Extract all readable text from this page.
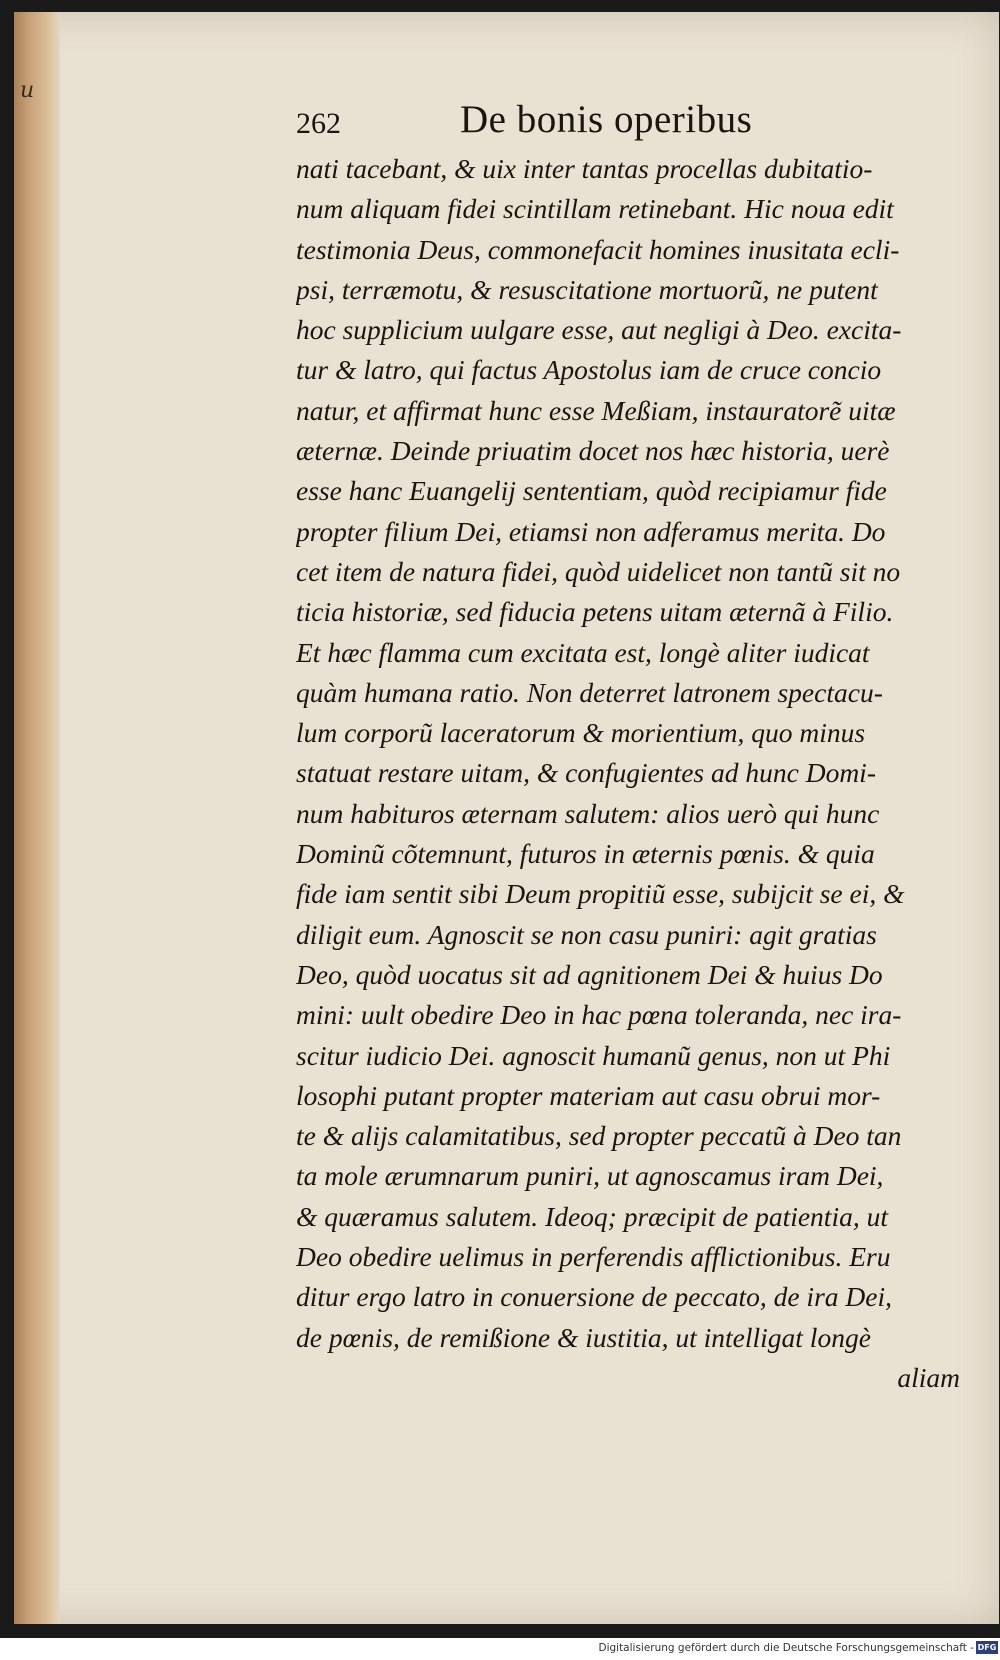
u
262	De bonis operibus
nati tacebant, & uix inter tantas procellas dubitatio-
num aliquam fidei scintillam retinebant. Hic noua edit
testimonia Deus, commonefacit homines inusitata ecli-
psi, terræmotu, & resuscitatione mortuorũ, ne putent
hoc supplicium uulgare esse, aut negligi à Deo. excita-
tur & latro, qui factus Apostolus iam de cruce concio
natur, et affirmat hunc esse Meßiam, instauratorẽ uitæ
æternæ. Deinde priuatim docet nos hæc historia, uerè
esse hanc Euangelij sententiam, quòd recipiamur fide
propter filium Dei, etiamsi non adferamus merita. Do
cet item de natura fidei, quòd uidelicet non tantũ sit no
ticia historiæ, sed fiducia petens uitam æternã à Filio.
Et hæc flamma cum excitata est, longè aliter iudicat
quàm humana ratio. Non deterret latronem spectacu-
lum corporũ laceratorum & morientium, quo minus
statuat restare uitam, & confugientes ad hunc Domi-
num habituros æternam salutem: alios uerò qui hunc
Dominũ cõtemnunt, futuros in æternis pœnis. & quia
fide iam sentit sibi Deum propitiũ esse, subijcit se ei, &
diligit eum. Agnoscit se non casu puniri: agit gratias
Deo, quòd uocatus sit ad agnitionem Dei & huius Do
mini: uult obedire Deo in hac pœna toleranda, nec ira-
scitur iudicio Dei. agnoscit humanũ genus, non ut Phi
losophi putant propter materiam aut casu obrui mor-
te & alijs calamitatibus, sed propter peccatũ à Deo tan
ta mole ærumnarum puniri, ut agnoscamus iram Dei,
& quæramus salutem. Ideoq; præcipit de patientia, ut
Deo obedire uelimus in perferendis afflictionibus. Eru
ditur ergo latro in conuersione de peccato, de ira Dei,
de pœnis, de remißione & iustitia, ut intelligat longè
aliam
Digitalisierung gefördert durch die Deutsche Forschungsgemeinschaft - DFG
